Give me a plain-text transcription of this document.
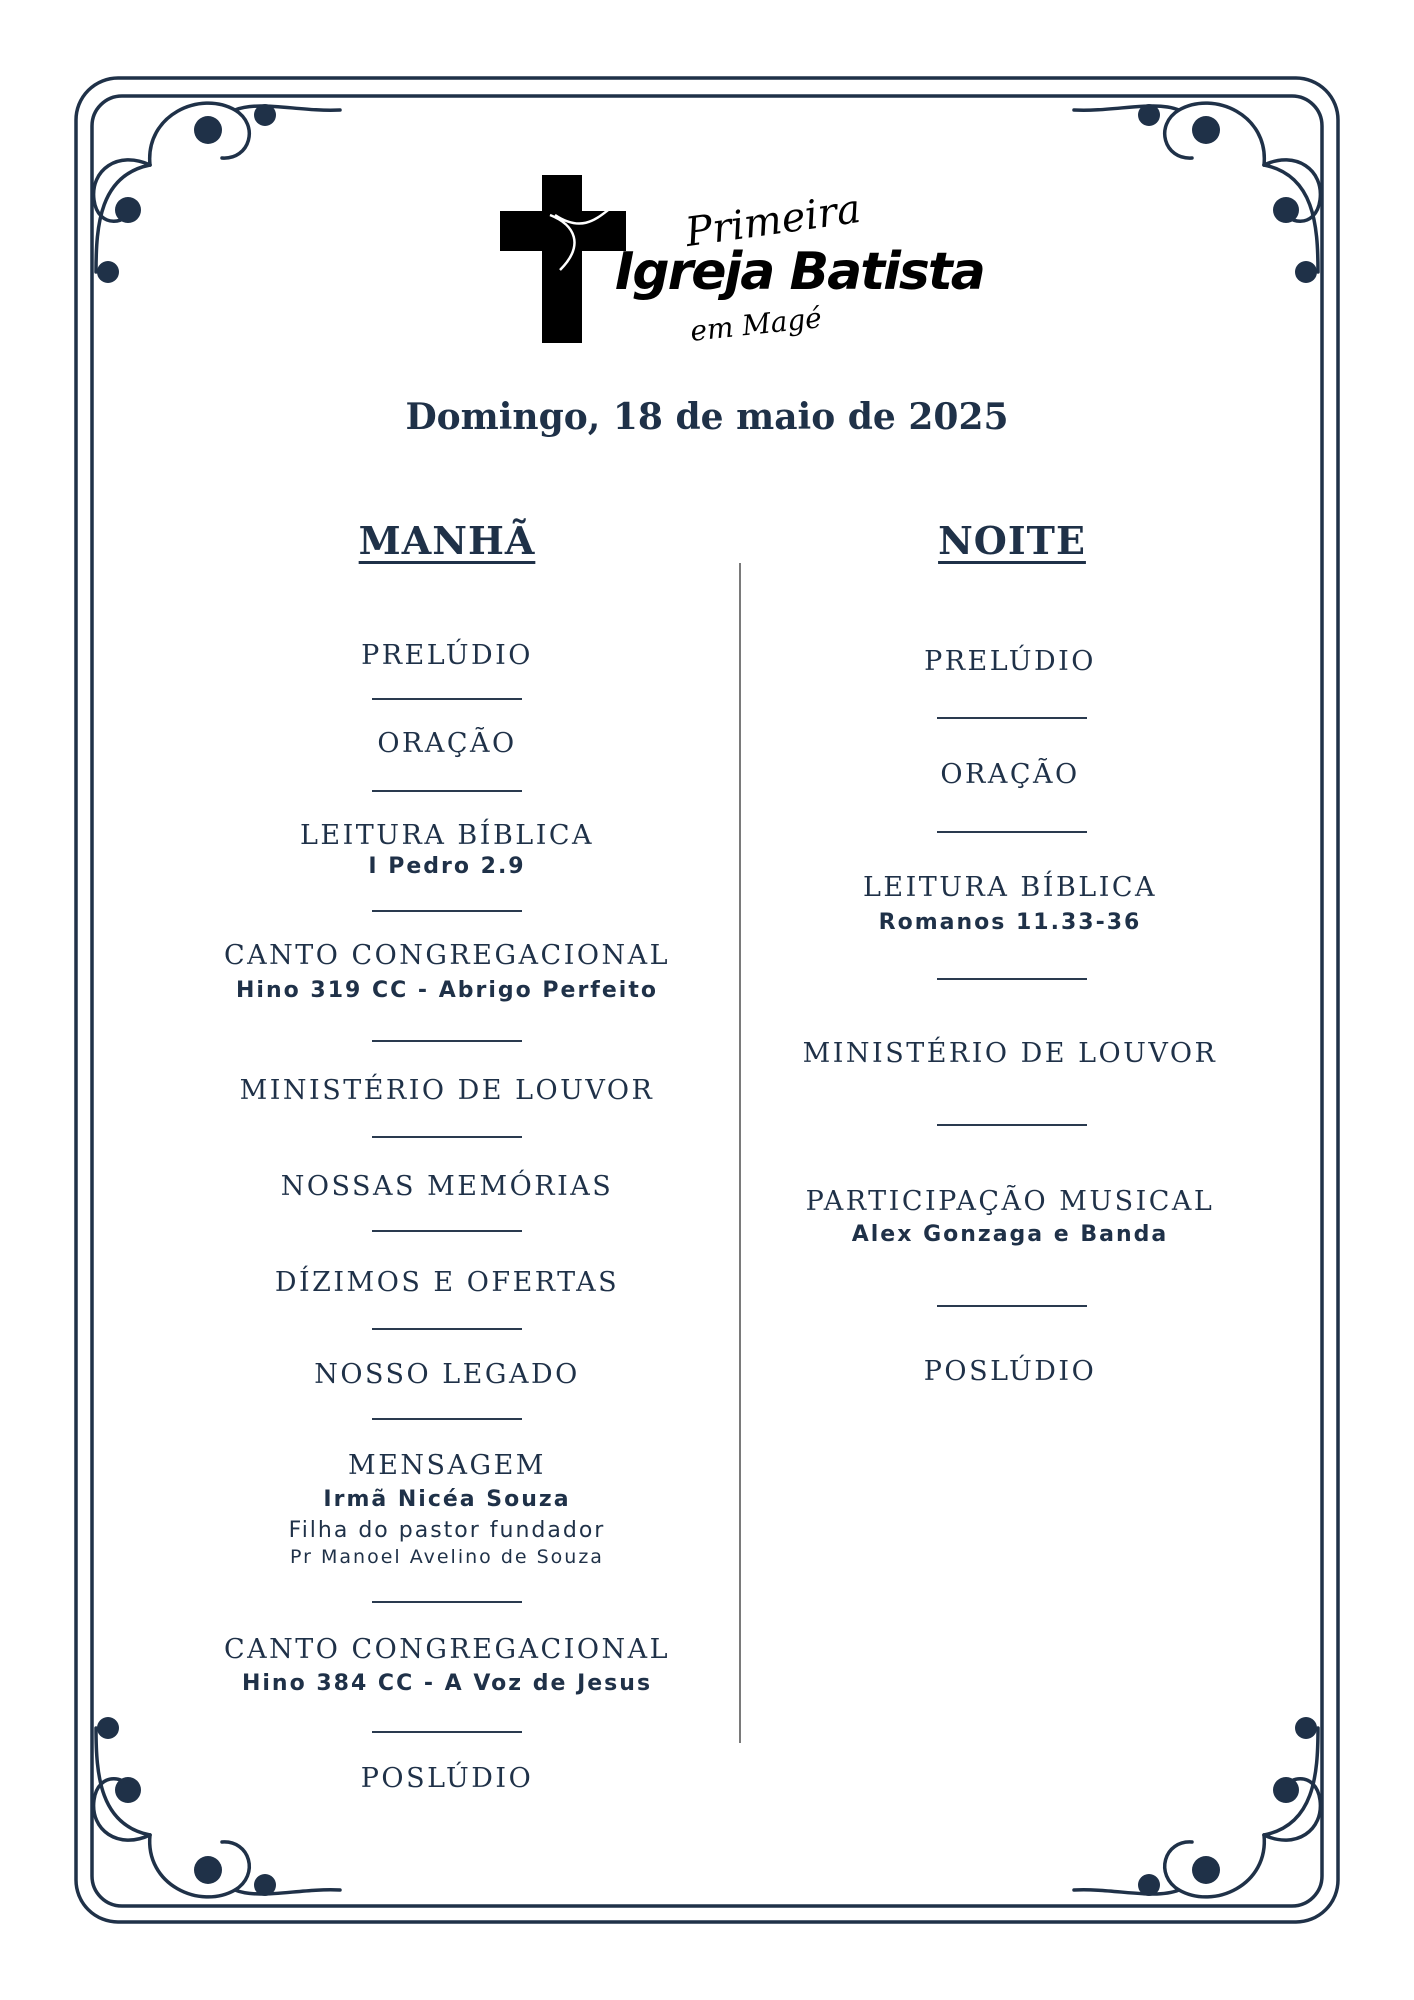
Primeira
Igreja Batista
em Magé
Domingo, 18 de maio de 2025
MANHÃ	NOITE
PRELÚDIO
ORAÇÃO
LEITURA BÍBLICA
I Pedro 2.9
CANTO CONGREGACIONAL
Hino 319 CC - Abrigo Perfeito
MINISTÉRIO DE LOUVOR
NOSSAS MEMÓRIAS
DÍZIMOS E OFERTAS
NOSSO LEGADO
MENSAGEM
Irmã Nicéa Souza
Filha do pastor fundador
Pr Manoel Avelino de Souza
CANTO CONGREGACIONAL
Hino 384 CC - A Voz de Jesus
POSLÚDIO
PRELÚDIO
ORAÇÃO
LEITURA BÍBLICA
Romanos 11.33-36
MINISTÉRIO DE LOUVOR
PARTICIPAÇÃO MUSICAL
Alex Gonzaga e Banda
POSLÚDIO
